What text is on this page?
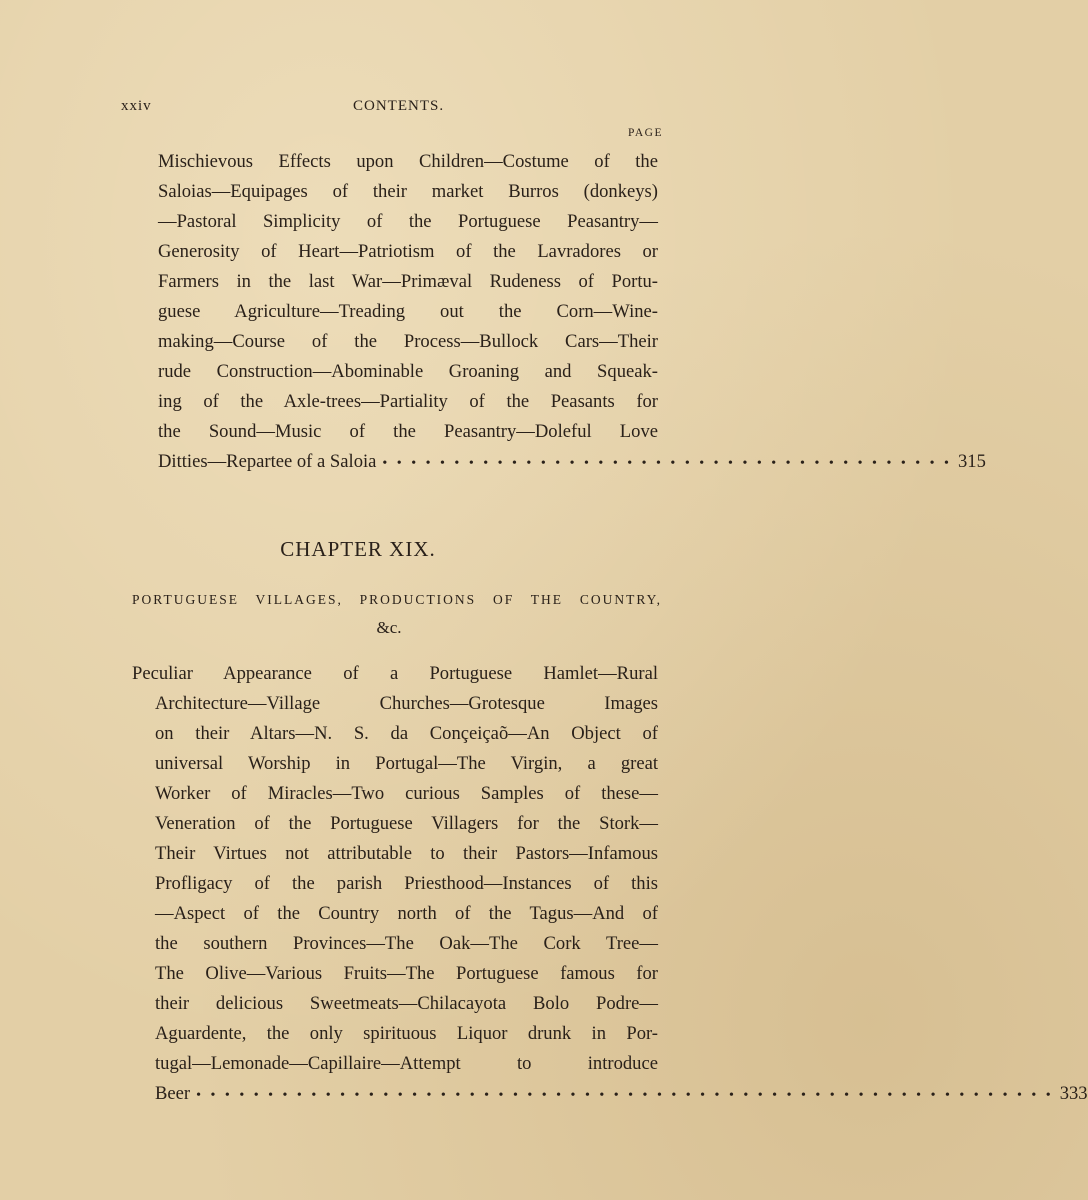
xxiv	CONTENTS.
PAGE
Mischievous Effects upon Children—Costume of the
Saloias—Equipages of their market Burros (donkeys)
—Pastoral Simplicity of the Portuguese Peasantry—
Generosity of Heart—Patriotism of the Lavradores or
Farmers in the last War—Primæval Rudeness of Portu-
guese Agriculture—Treading out the Corn—Wine-
making—Course of the Process—Bullock Cars—Their
rude Construction—Abominable Groaning and Squeak-
ing of the Axle-trees—Partiality of the Peasants for
the Sound—Music of the Peasantry—Doleful Love
Ditties—Repartee of a Saloia • • • • • • • • • • • • • • • • • • • • • • • • • • • • • • • • • • • • • • • • 315
CHAPTER XIX.
PORTUGUESE VILLAGES, PRODUCTIONS OF THE COUNTRY,
&c.
Peculiar Appearance of a Portuguese Hamlet—Rural
Architecture—Village Churches—Grotesque Images
on their Altars—N. S. da Conçeiçaõ—An Object of
universal Worship in Portugal—The Virgin, a great
Worker of Miracles—Two curious Samples of these—
Veneration of the Portuguese Villagers for the Stork—
Their Virtues not attributable to their Pastors—Infamous
Profligacy of the parish Priesthood—Instances of this
—Aspect of the Country north of the Tagus—And of
the southern Provinces—The Oak—The Cork Tree—
The Olive—Various Fruits—The Portuguese famous for
their delicious Sweetmeats—Chilacayota Bolo Podre—
Aguardente, the only spirituous Liquor drunk in Por-
tugal—Lemonade—Capillaire—Attempt to introduce
Beer • • • • • • • • • • • • • • • • • • • • • • • • • • • • • • • • • • • • • • • • • • • • • • • • • • • • • • • • • • • • 333
